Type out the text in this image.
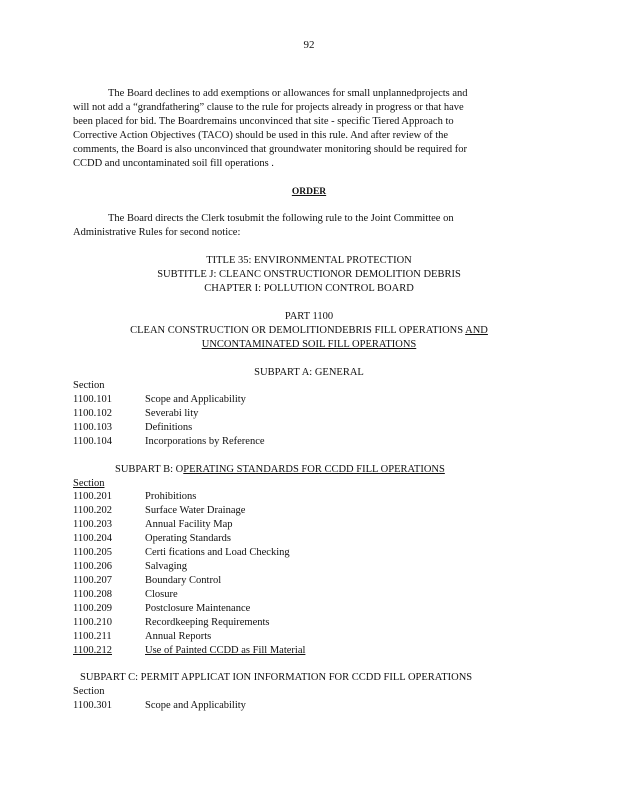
92
The Board declines to add exemptions or allowances for small unplannedprojects and
will not add a “grandfathering” clause to the rule for projects already in progress or that have
been placed for bid. The Boardremains unconvinced that site - specific Tiered Approach to
Corrective Action Objectives (TACO) should be used in this rule. And after review of the
comments, the Board is also unconvinced that groundwater monitoring should be required for
CCDD and uncontaminated soil fill operations .
ORDER
The Board directs the Clerk tosubmit the following rule to the Joint Committee on
Administrative Rules for second notice:
TITLE 35: ENVIRONMENTAL PROTECTION
SUBTITLE J: CLEANC ONSTRUCTIONOR DEMOLITION DEBRIS
CHAPTER I: POLLUTION CONTROL BOARD
PART 1100
CLEAN CONSTRUCTION OR DEMOLITIONDEBRIS FILL OPERATIONS AND
UNCONTAMINATED SOIL FILL OPERATIONS
SUBPART A: GENERAL
Section
1100.101	Scope and Applicability
1100.102	Severabi lity
1100.103	Definitions
1100.104	Incorporations by Reference
SUBPART B: OPERATING STANDARDS FOR CCDD FILL OPERATIONS
Section
1100.201	Prohibitions
1100.202	Surface Water Drainage
1100.203	Annual Facility Map
1100.204	Operating Standards
1100.205	Certi fications and Load Checking
1100.206	Salvaging
1100.207	Boundary Control
1100.208	Closure
1100.209	Postclosure Maintenance
1100.210	Recordkeeping Requirements
1100.211	Annual Reports
1100.212	Use of Painted CCDD as Fill Material
SUBPART C: PERMIT APPLICAT ION INFORMATION FOR CCDD FILL OPERATIONS
Section
1100.301	Scope and Applicability
